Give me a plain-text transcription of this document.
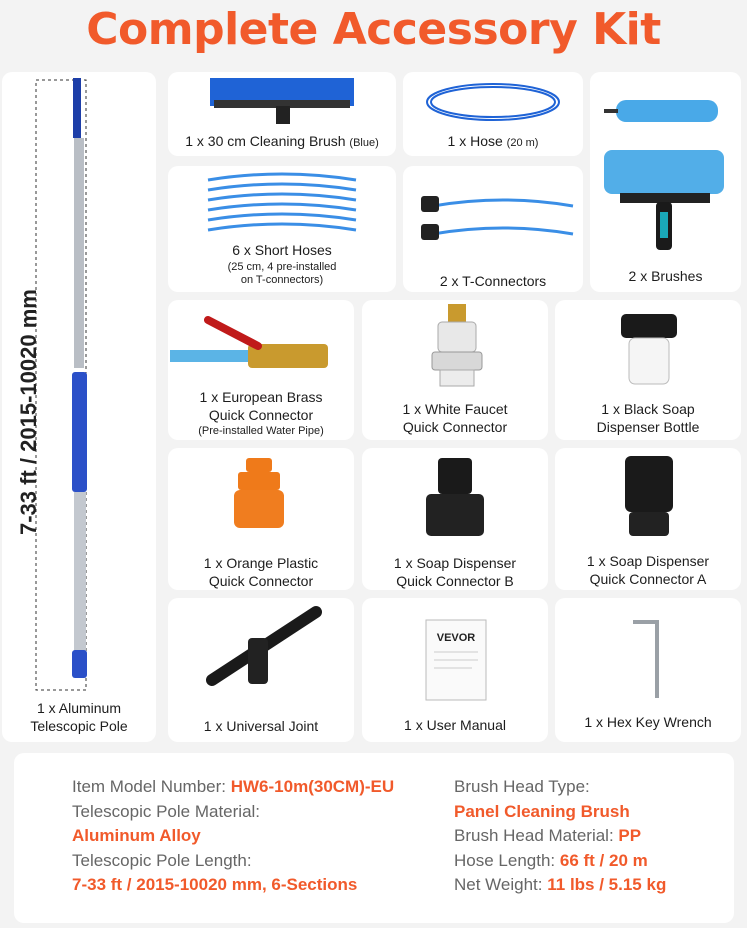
Complete Accessory Kit
1 x Aluminum
Telescopic Pole
7-33 ft / 2015-10020 mm
1 x 30 cm Cleaning Brush (Blue)	1 x Hose (20 m)
2 x Brushes
6 x Short Hoses
(25 cm, 4 pre-installed
on T-connectors)	2 x T-Connectors
1 x European Brass
Quick Connector
(Pre-installed Water Pipe)
1 x White Faucet
Quick Connector
1 x Black Soap
Dispenser Bottle
1 x Orange Plastic
Quick Connector
1 x Soap Dispenser
Quick Connector B
1 x Soap Dispenser
Quick Connector A
1 x Universal Joint
VEVOR
1 x User Manual	1 x Hex Key Wrench
Item Model Number: HW6-10m(30CM)-EU
Telescopic Pole Material:
Aluminum Alloy
Telescopic Pole Length:
7-33 ft / 2015-10020 mm, 6-Sections
Brush Head Type:
Panel Cleaning Brush
Brush Head Material: PP
Hose Length: 66 ft / 20 m
Net Weight: 11 lbs / 5.15 kg
